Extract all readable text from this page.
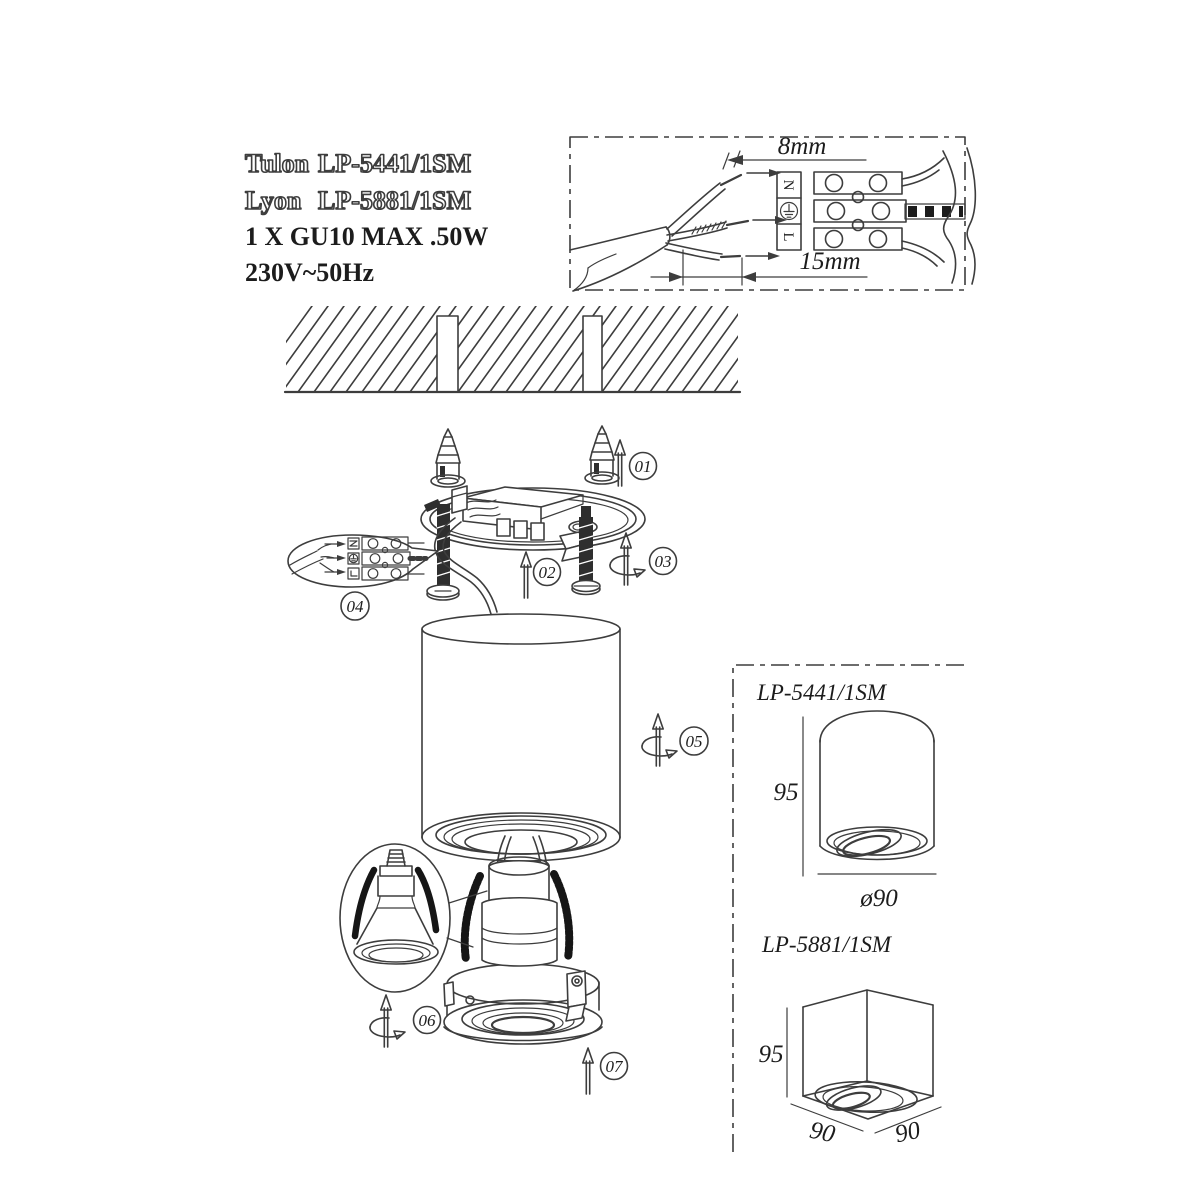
Tulon LP-5441/1SM
Lyon LP-5881/1SM
1 X GU10 MAX .50W
230V~50Hz
8mm
15mm
N
L
01
02
03
04
05
06
07
LP-5441/1SM
95
ø90
LP-5881/1SM
95
90 90
